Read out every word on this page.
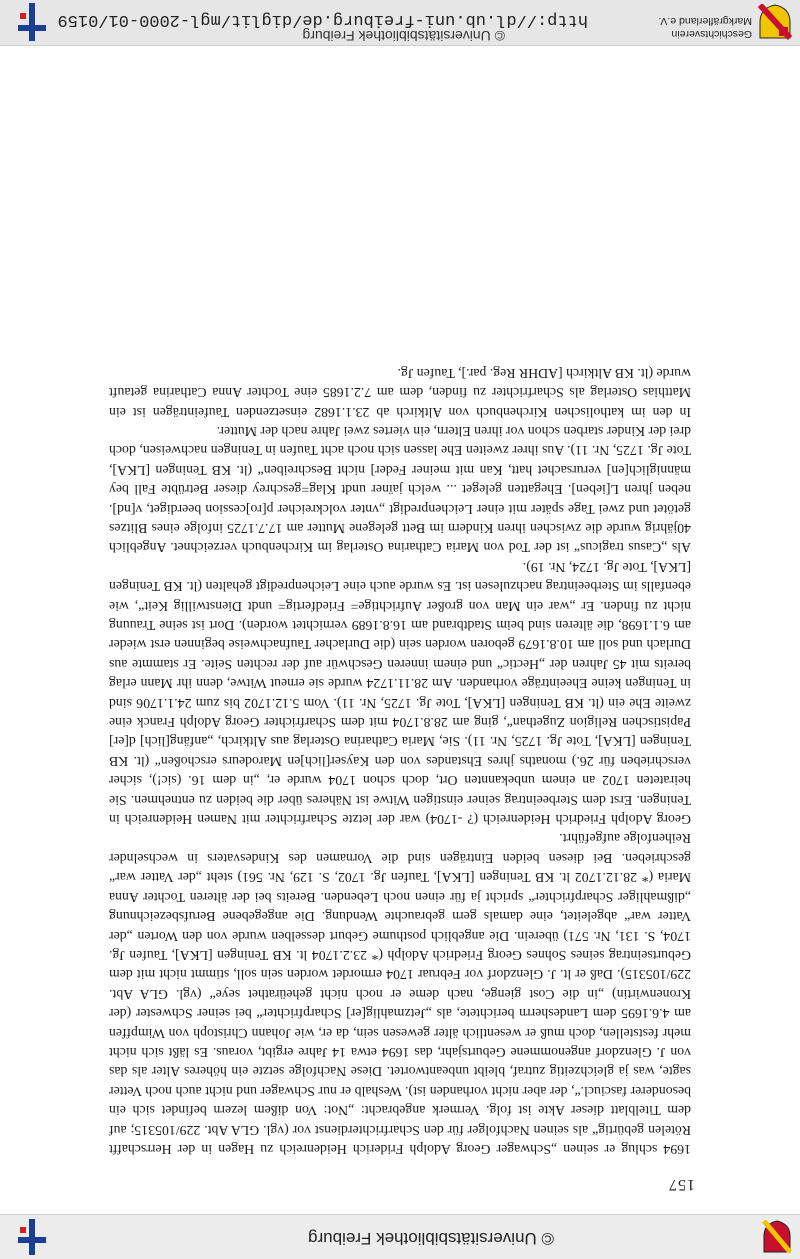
© Universitätsbibliothek Freiburg
157

1694 schlug er seinen „Schwager Georg Adolph Friderich Heidenreich zu Hagen in der Herrschafft Rötelen gebürtig“ als seinen Nachfolger für den Scharfrichterdienst vor (vgl. GLA Abt. 229/105315; auf dem Titelblatt dieser Akte ist folg. Vermerk angebracht: „Not: Von dißem lezern befindet sich ein besonderer fasciucl.“, der aber nicht vorhanden ist). Weshalb er nur Schwager und nicht auch noch Vetter sagte, was ja gleichzeitig zutraf, bleibt unbeantwortet. Diese Nachfolge setzte ein höheres Alter als das von J. Glenzdorf angenommene Geburtsjahr, das 1694 etwa 14 Jahre ergibt, voraus. Es läßt sich nicht mehr feststellen, doch muß er wesentlich älter gewesen sein, da er, wie Johann Christoph von Wimpffen am 4.6.1695 dem Landesherrn berichtete, als „Jetzmahlig[er] Scharpfrichter“ bei seiner Schwester (der Kronenwirtin) „in die Cost gienge, nach deme er noch nicht geheürathet seye“ (vgl. GLA Abt. 229/105315). Daß er lt. J. Glenzdorf vor Februar 1704 ermordet worden sein soll, stimmt nicht mit dem Geburtseintrag seines Sohnes Georg Friedrich Adolph (* 23.2.1704 lt. KB Teningen [LKA], Taufen Jg. 1704, S. 131, Nr. 571) überein. Die angeblich posthume Geburt desselben wurde von den Worten „der Vatter war“ abgeleitet, eine damals gern gebrauchte Wendung. Die angegebene Berufsbezeichnung „dißmahliger Scharpfrichter“ spricht ja für einen noch Lebenden. Bereits bei der älteren Tochter Anna Maria (* 28.12.1702 lt. KB Teningen [LKA], Taufen Jg. 1702, S. 129, Nr. 561) steht „der Vatter war“ geschrieben. Bei diesen beiden Einträgen sind die Vornamen des Kindesvaters in wechselnder Reihenfolge aufgeführt.

Georg Adolph Friedrich Heidenreich (? -1704) war der letzte Scharfrichter mit Namen Heidenreich in Teningen. Erst dem Sterbeeintrag seiner einstigen Witwe ist Näheres über die beiden zu entnehmen. Sie heirateten 1702 an einem unbekannten Ort, doch schon 1704 wurde er, „in dem 16. (sic!), sicher verschrieben für 26.) monaths jhres Ehstandes von den Kayser[lich]en Marodeurs erschoßen“ (lt. KB Teningen [LKA], Tote Jg. 1725, Nr. 11). Sie, Maria Catharina Osterlag aus Altkirch, „anfäng[lich] d[er] Papistischen Religion Zugethan“, ging am 28.8.1704 mit dem Scharfrichter Georg Adolph Franck eine zweite Ehe ein (lt. KB Teningen [LKA], Tote Jg. 1725, Nr. 11). Vom 5.12.1702 bis zum 24.1.1706 sind in Teningen keine Eheeinträge vorhanden. Am 28.11.1724 wurde sie erneut Witwe, denn ihr Mann erlag bereits mit 45 Jahren der „Hectic“ und einem inneren Geschwür auf der rechten Seite. Er stammte aus Durlach und soll am 10.8.1679 geboren worden sein (die Durlacher Taufnachweise beginnen erst wieder am 6.1.1698, die älteren sind beim Stadtbrand am 16.8.1689 vernichtet worden). Dort ist seine Trauung nicht zu finden. Er „war ein Man von großer Aufrichtige= Friedfertig= undt Dienstwillig Keit“, wie ebenfalls im Sterbeeintrag nachzulesen ist. Es wurde auch eine Leichenpredigt gehalten (lt. KB Teningen [LKA], Tote Jg. 1724, Nr. 19).

Als „Casus tragicus“ ist der Tod von Maria Catharina Osterlag im Kirchenbuch verzeichnet. Angeblich 40jährig wurde die zwischen ihren Kindern im Bett gelegene Mutter am 17.7.1725 infolge eines Blitzes getötet und zwei Tage später mit einer Leichenpredigt „vnter volckreicher p[ro]cession beerdiget, v[nd]. neben jhren L[ieben]. Ehegatten geleget ... welch jaïner undt Klag=geschrey dieser Betrübte Fall bey männiglich[en] verursachet hatt, Kan mit meiner Feder] nicht Beschreiben“ (lt. KB Teningen [LKA], Tote Jg. 1725, Nr. 11). Aus ihrer zweiten Ehe lassen sich noch acht Taufen in Teningen nachweisen, doch drei der Kinder starben schon vor ihren Eltern, ein viertes zwei Jahre nach der Mutter.

In den im katholischen Kirchenbuch von Altkirch ab 23.1.1682 einsetzenden Taufeinträgen ist ein Matthias Osterlag als Scharfrichter zu finden, dem am 7.2.1685 eine Tochter Anna Catharina getauft wurde (lt. KB Altkirch [ADHR Reg. par.], Taufen Jg.

Geschichtsverein
Markgräflerland e.V.
© Universitätsbibliothek Freiburg
http://dl.ub.uni-freiburg.de/diglit/mgl-2000-01/0159
